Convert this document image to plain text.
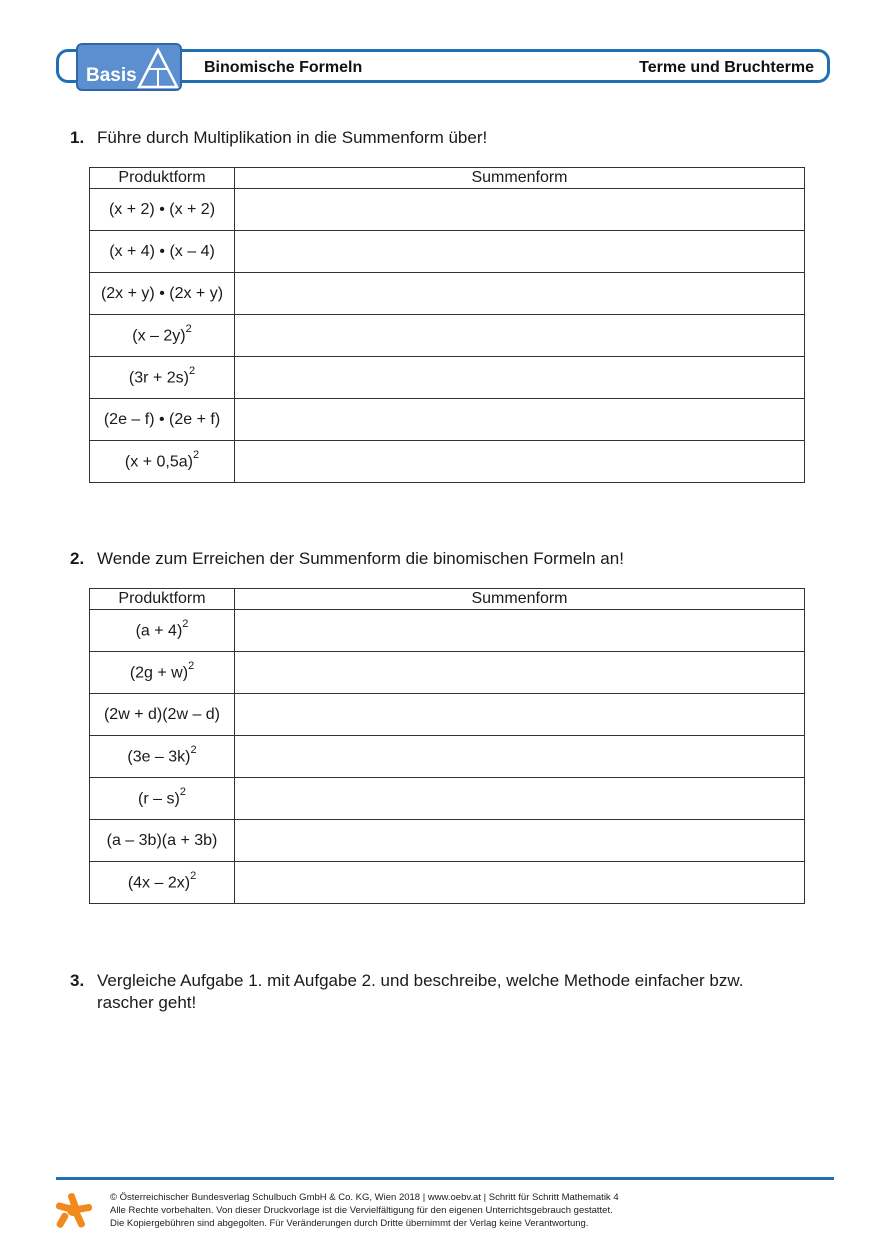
Basis	Binomische Formeln	Terme und Bruchterme
1. Führe durch Multiplikation in die Summenform über!
Produktform	Summenform
(x + 2) • (x + 2)	
(x + 4) • (x – 4)	
(2x + y) • (2x + y)	
(x – 2y)$^2$	
$(3r + 2s)^2$	
(2e – f) • (2e + f)	
$(x + 0,5a)^2$	
2. Wende zum Erreichen der Summenform die binomischen Formeln an!
Produktform	Summenform
$(a + 4)^2$	
$(2g + w)^2$	
(2w + d)(2w – d)	
(3e – 3k)$^2$	
(r – s)$^2$	
(a – 3b)(a + 3b)	
(4x – 2x)$^2$	
3. Vergleiche Aufgabe 1. mit Aufgabe 2. und beschreibe, welche Methode einfacher bzw.
rascher geht!
© Österreichischer Bundesverlag Schulbuch GmbH & Co. KG, Wien 2018 | www.oebv.at | Schritt für Schritt Mathematik 4
Alle Rechte vorbehalten. Von dieser Druckvorlage ist die Vervielfältigung für den eigenen Unterrichtsgebrauch gestattet.
Die Kopiergebühren sind abgegolten. Für Veränderungen durch Dritte übernimmt der Verlag keine Verantwortung.
